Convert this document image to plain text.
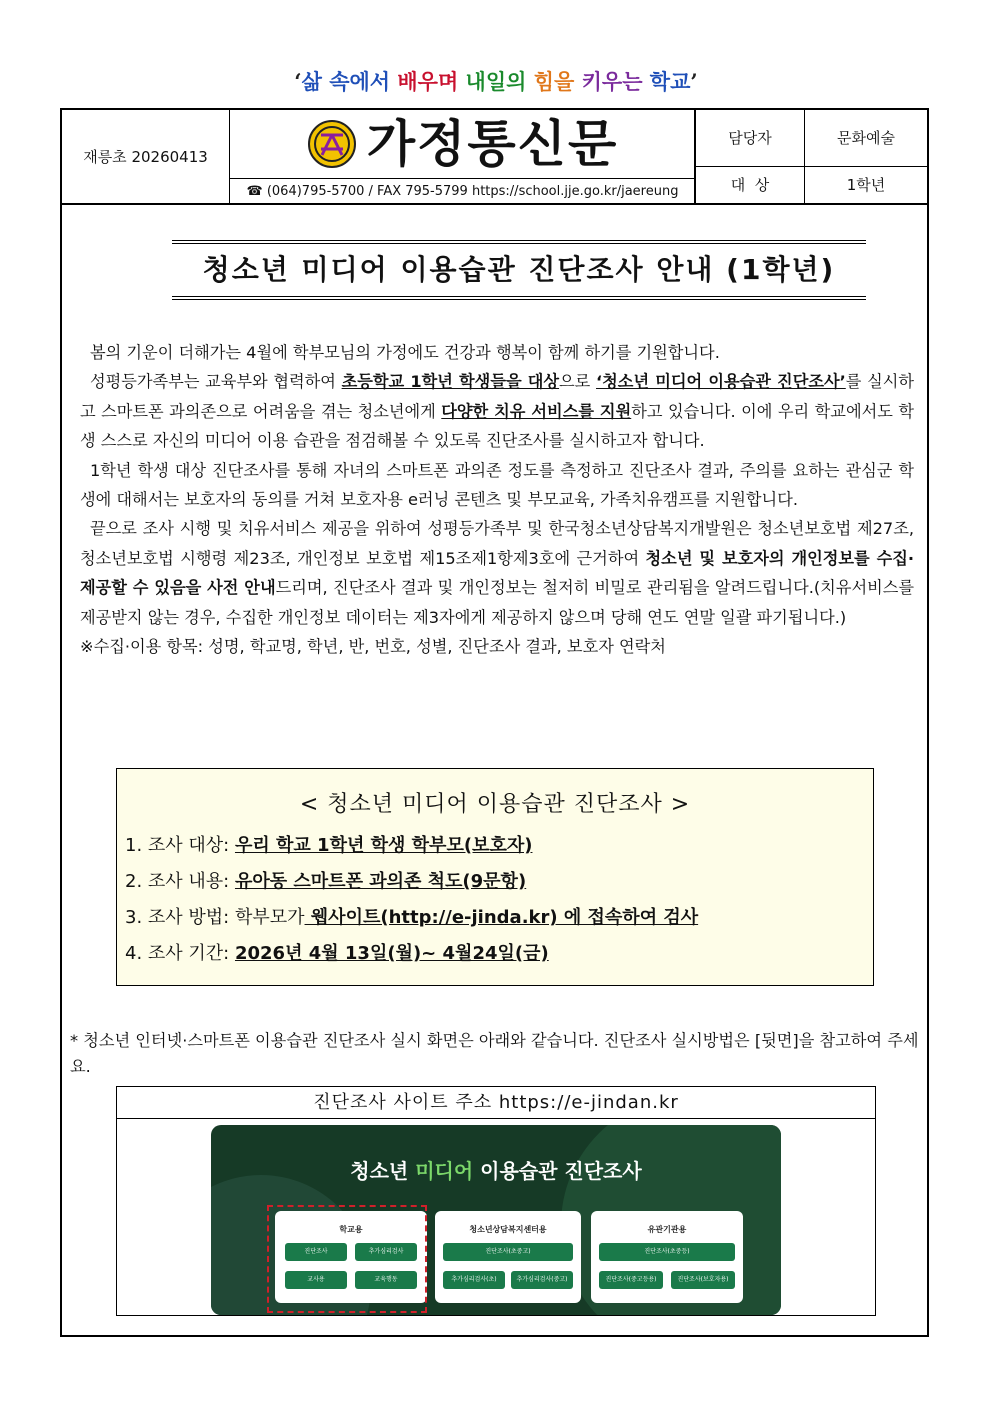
‘삶 속에서 배우며 내일의 힘을 키우는 학교’
재릉초 20260413	가정통신문
☎ (064)795-5700 / FAX 795-5799 https://school.jje.go.kr/jaereung
담당자	문화예술
대  상	1학년
청소년 미디어 이용습관 진단조사 안내 (1학년)

봄의 기운이 더해가는 4월에 학부모님의 가정에도 건강과 행복이 함께 하기를 기원합니다.

성평등가족부는 교육부와 협력하여 초등학교 1학년 학생들을 대상으로 ‘청소년 미디어 이용습관 진단조사’를 실시하고 스마트폰 과의존으로 어려움을 겪는 청소년에게 다양한 치유 서비스를 지원하고 있습니다. 이에 우리 학교에서도 학생 스스로 자신의 미디어 이용 습관을 점검해볼 수 있도록 진단조사를 실시하고자 합니다.

1학년 학생 대상 진단조사를 통해 자녀의 스마트폰 과의존 정도를 측정하고 진단조사 결과, 주의를 요하는 관심군 학생에 대해서는 보호자의 동의를 거쳐 보호자용 e러닝 콘텐츠 및 부모교육, 가족치유캠프를 지원합니다.

끝으로 조사 시행 및 치유서비스 제공을 위하여 성평등가족부 및 한국청소년상담복지개발원은 청소년보호법 제27조, 청소년보호법 시행령 제23조, 개인정보 보호법 제15조제1항제3호에 근거하여 청소년 및 보호자의 개인정보를 수집·제공할 수 있음을 사전 안내드리며, 진단조사 결과 및 개인정보는 철저히 비밀로 관리됨을 알려드립니다.(치유서비스를 제공받지 않는 경우, 수집한 개인정보 데이터는 제3자에게 제공하지 않으며 당해 연도 연말 일괄 파기됩니다.)

※수집·이용 항목: 성명, 학교명, 학년, 반, 번호, 성별, 진단조사 결과, 보호자 연락처

< 청소년 미디어 이용습관 진단조사 >
1. 조사 대상: 우리 학교 1학년 학생 학부모(보호자)
2. 조사 내용: 유아동 스마트폰 과의존 척도(9문항)
3. 조사 방법: 학부모가 웹사이트(http://e-jinda.kr) 에 접속하여 검사
4. 조사 기간: 2026년 4월 13일(월)~ 4월24일(금)
* 청소년 인터넷·스마트폰 이용습관 진단조사 실시 화면은 아래와 같습니다. 진단조사 실시방법은 [뒷면]을 참고하여 주세요.
진단조사 사이트 주소 https://e-jindan.kr
청소년 미디어 이용습관 진단조사
학교용
진단조사	추가심리검사
교사용	교육행동
청소년상담복지센터용
진단조사(초중고)
추가심리검사(초)	추가심리검사(중고)
유관기관용
진단조사(초중등)
진단조사(중고등용)	진단조사(보호자용)
